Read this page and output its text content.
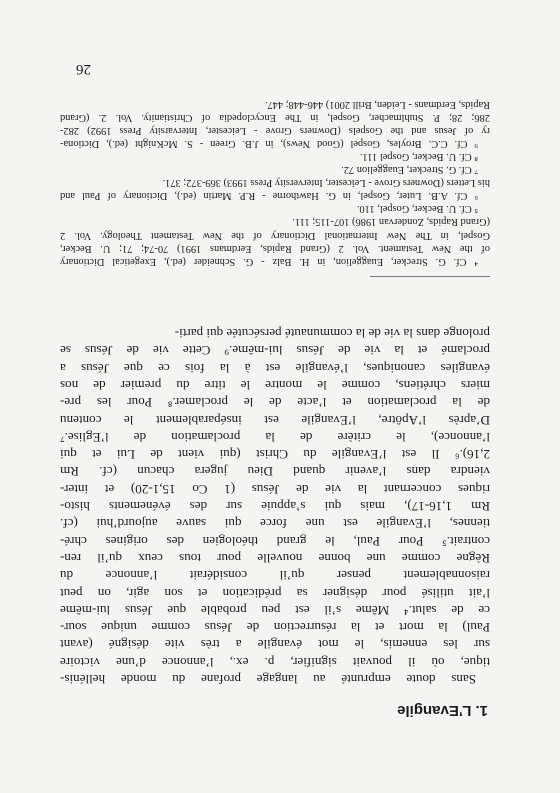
1. L’Evangile
Sans doute emprunté au langage profane du monde hellénis-
tique, où il pouvait signifier, p. ex., l’annonce d’une victoire
sur les ennemis, le mot évangile a très vite désigné (avant
Paul) la mort et la résurrection de Jésus comme unique sour-
ce de salut.⁴ Même s’il est peu probable que Jésus lui-même
l’ait utilisé pour désigner sa prédication et son agir, on peut
raisonnablement penser qu’il considérait l’annonce du
Règne comme une bonne nouvelle pour tous ceux qu’il ren-
contrait.⁵ Pour Paul, le grand théologien des origines chré-
tiennes, l’Evangile est une force qui sauve aujourd’hui (cf.
Rm 1,16-17), mais qui s’appuie sur des événements histo-
riques concernant la vie de Jésus (1 Co 15,1-20) et inter-
viendra dans l’avenir quand Dieu jugera chacun (cf. Rm
2,16).⁶ Il est l’Evangile du Christ (qui vient de Lui et qui
l’annonce), le critère de la proclamation de l’Eglise.⁷
D’après l’Apôtre, l’Evangile est inséparablement le contenu
de la proclamation et l’acte de le proclamer.⁸ Pour les pre-
miers chrétiens, comme le montre le titre du premier de nos
évangiles canoniques, l’évangile est à la fois ce que Jésus a
proclamé et la vie de Jésus lui-même.⁹ Cette vie de Jésus se
prolonge dans la vie de la communauté persécutée qui parti-
⁴ Cf. G. Strecker, Euaggelion, in H. Balz - G. Schneider (ed.), Exegetical Dictionary
of the New Testament. Vol. 2 (Grand Rapids, Eerdmans 1991) 70-74; 71; U. Becker,
Gospel, in The New International Dictionary of the New Testament Theology. Vol. 2
(Grand Rapids, Zondervan 1986) 107-115; 111.
⁵ Cf. U. Becker, Gospel, 110.
⁶ Cf. A.B. Luter, Gospel, in G. Hawthorne - R.P. Martin (ed.), Dictionary of Paul and
his Letters (Downers Grove - Leicester, Interversity Press 1993) 369-372; 371.
⁷ Cf. G. Strecker, Euaggelion 72.
⁸ Cf. U. Becker, Gospel 111.
⁹ Cf. C.C. Broyles, Gospel (Good News), in J.B. Green - S. McKnight (ed.), Dictiona-
ry of Jesus and the Gospels (Downers Grove - Leicester, Intervarsity Press 1992) 282-
286; 28; P. Stuhlmacher, Gospel, in The Encyclopedia of Christianity. Vol. 2. (Grand
Rapids, Eerdmans - Leiden, Brill 2001) 446-448; 447.
26
